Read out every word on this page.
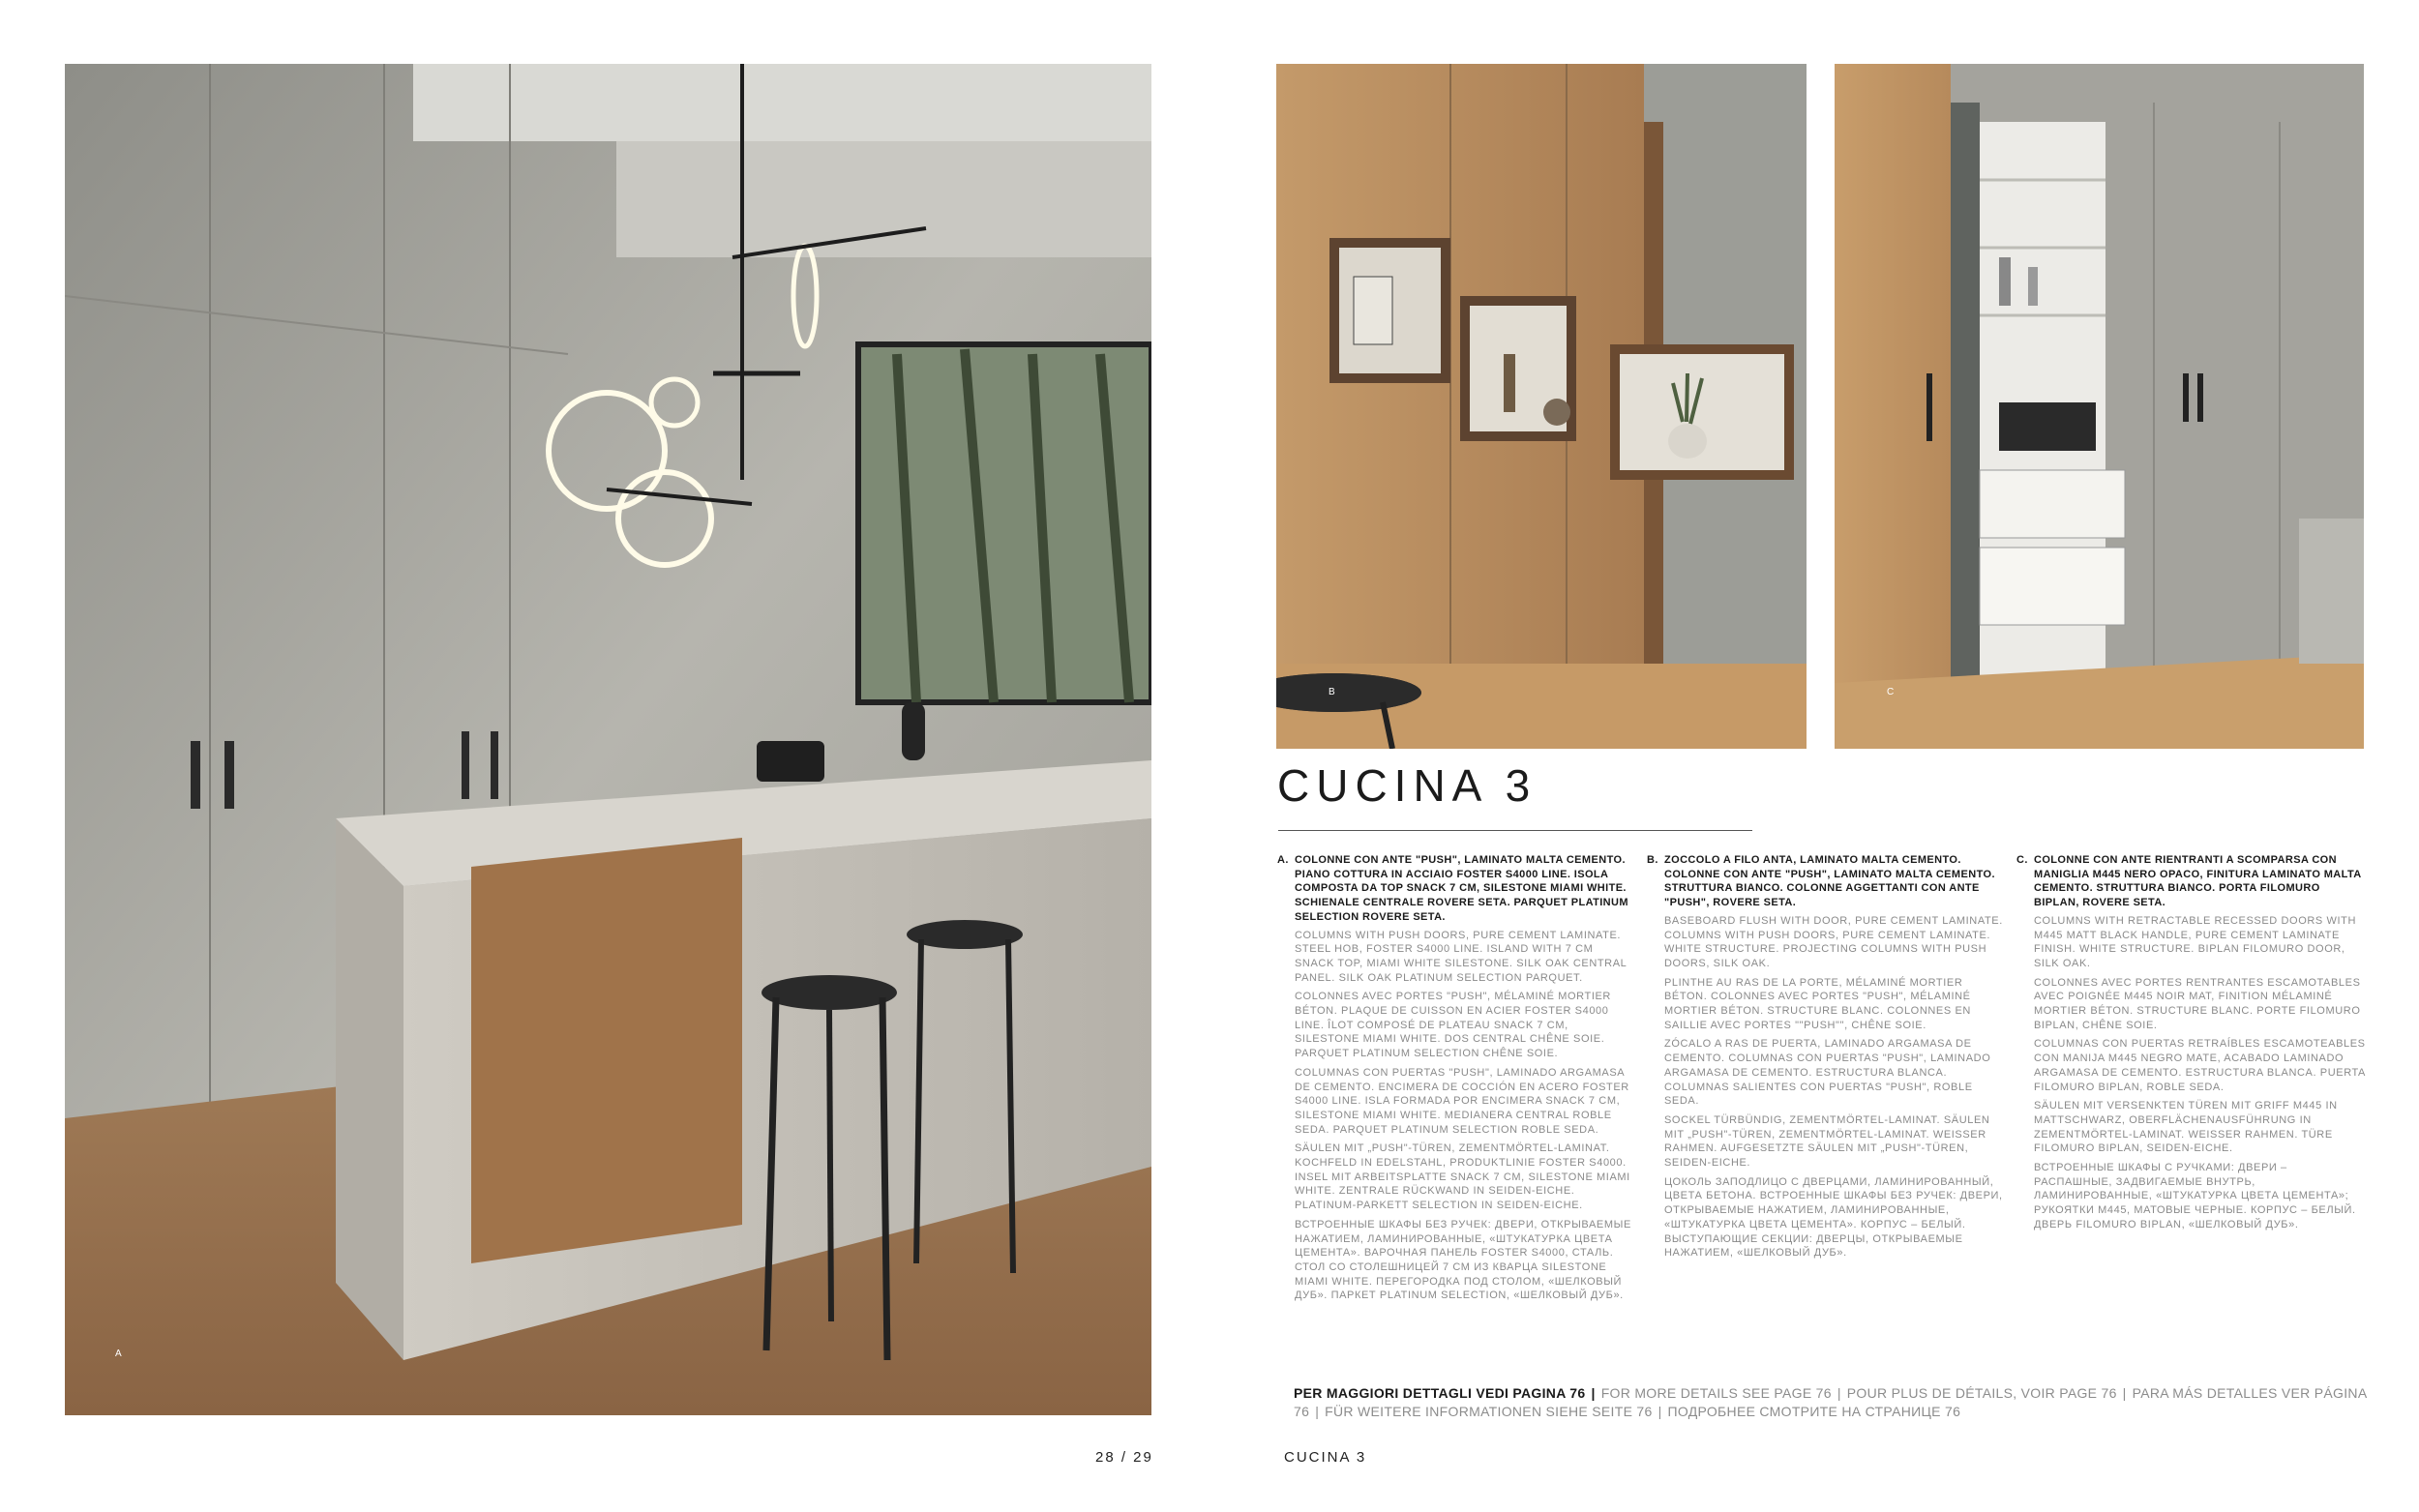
A
B	C
CUCINA 3
A. COLONNE CON ANTE "PUSH", LAMINATO MALTA CEMENTO. PIANO COTTURA IN ACCIAIO FOSTER S4000 LINE. ISOLA COMPOSTA DA TOP SNACK 7 CM, SILESTONE MIAMI WHITE. SCHIENALE CENTRALE ROVERE SETA. PARQUET PLATINUM SELECTION ROVERE SETA.
COLUMNS WITH PUSH DOORS, PURE CEMENT LAMINATE. STEEL HOB, FOSTER S4000 LINE. ISLAND WITH 7 CM SNACK TOP, MIAMI WHITE SILESTONE. SILK OAK CENTRAL PANEL. SILK OAK PLATINUM SELECTION PARQUET.
COLONNES AVEC PORTES "PUSH", MÉLAMINÉ MORTIER BÉTON. PLAQUE DE CUISSON EN ACIER FOSTER S4000 LINE. ÎLOT COMPOSÉ DE PLATEAU SNACK 7 CM, SILESTONE MIAMI WHITE. DOS CENTRAL CHÊNE SOIE. PARQUET PLATINUM SELECTION CHÊNE SOIE.
COLUMNAS CON PUERTAS "PUSH", LAMINADO ARGAMASA DE CEMENTO. ENCIMERA DE COCCIÓN EN ACERO FOSTER S4000 LINE. ISLA FORMADA POR ENCIMERA SNACK 7 CM, SILESTONE MIAMI WHITE. MEDIANERA CENTRAL ROBLE SEDA. PARQUET PLATINUM SELECTION ROBLE SEDA.
SÄULEN MIT „PUSH"-TÜREN, ZEMENTMÖRTEL-LAMINAT. KOCHFELD IN EDELSTAHL, PRODUKTLINIE FOSTER S4000. INSEL MIT ARBEITSPLATTE SNACK 7 CM, SILESTONE MIAMI WHITE. ZENTRALE RÜCKWAND IN SEIDEN-EICHE. PLATINUM-PARKETT SELECTION IN SEIDEN-EICHE.
ВСТРОЕННЫЕ ШКАФЫ БЕЗ РУЧЕК: ДВЕРИ, ОТКРЫВАЕМЫЕ НАЖАТИЕМ, ЛАМИНИРОВАННЫЕ, «ШТУКАТУРКА ЦВЕТА ЦЕМЕНТА». ВАРОЧНАЯ ПАНЕЛЬ FOSTER S4000, СТАЛЬ. СТОЛ СО СТОЛЕШНИЦЕЙ 7 СМ ИЗ КВАРЦА SILESTONE MIAMI WHITE. ПЕРЕГОРОДКА ПОД СТОЛОМ, «ШЕЛКОВЫЙ ДУБ». ПАРКЕТ PLATINUM SELECTION, «ШЕЛКОВЫЙ ДУБ».
B. ZOCCOLO A FILO ANTA, LAMINATO MALTA CEMENTO. COLONNE CON ANTE "PUSH", LAMINATO MALTA CEMENTO. STRUTTURA BIANCO. COLONNE AGGETTANTI CON ANTE "PUSH", ROVERE SETA.
BASEBOARD FLUSH WITH DOOR, PURE CEMENT LAMINATE. COLUMNS WITH PUSH DOORS, PURE CEMENT LAMINATE. WHITE STRUCTURE. PROJECTING COLUMNS WITH PUSH DOORS, SILK OAK.
PLINTHE AU RAS DE LA PORTE, MÉLAMINÉ MORTIER BÉTON. COLONNES AVEC PORTES "PUSH", MÉLAMINÉ MORTIER BÉTON. STRUCTURE BLANC. COLONNES EN SAILLIE AVEC PORTES ""PUSH"", CHÊNE SOIE.
ZÓCALO A RAS DE PUERTA, LAMINADO ARGAMASA DE CEMENTO. COLUMNAS CON PUERTAS "PUSH", LAMINADO ARGAMASA DE CEMENTO. ESTRUCTURA BLANCA. COLUMNAS SALIENTES CON PUERTAS "PUSH", ROBLE SEDA.
SOCKEL TÜRBÜNDIG, ZEMENTMÖRTEL-LAMINAT. SÄULEN MIT „PUSH"-TÜREN, ZEMENTMÖRTEL-LAMINAT. WEISSER RAHMEN. AUFGESETZTE SÄULEN MIT „PUSH"-TÜREN, SEIDEN-EICHE.
ЦОКОЛЬ ЗАПОДЛИЦО С ДВЕРЦАМИ, ЛАМИНИРОВАННЫЙ, ЦВЕТА БЕТОНА. ВСТРОЕННЫЕ ШКАФЫ БЕЗ РУЧЕК: ДВЕРИ, ОТКРЫВАЕМЫЕ НАЖАТИЕМ, ЛАМИНИРОВАННЫЕ, «ШТУКАТУРКА ЦВЕТА ЦЕМЕНТА». КОРПУС – БЕЛЫЙ. ВЫСТУПАЮЩИЕ СЕКЦИИ: ДВЕРЦЫ, ОТКРЫВАЕМЫЕ НАЖАТИЕМ, «ШЕЛКОВЫЙ ДУБ».
C. COLONNE CON ANTE RIENTRANTI A SCOMPARSA CON MANIGLIA M445 NERO OPACO, FINITURA LAMINATO MALTA CEMENTO. STRUTTURA BIANCO. PORTA FILOMURO BIPLAN, ROVERE SETA.
COLUMNS WITH RETRACTABLE RECESSED DOORS WITH M445 MATT BLACK HANDLE, PURE CEMENT LAMINATE FINISH. WHITE STRUCTURE. BIPLAN FILOMURO DOOR, SILK OAK.
COLONNES AVEC PORTES RENTRANTES ESCAMOTABLES AVEC POIGNÉE M445 NOIR MAT, FINITION MÉLAMINÉ MORTIER BÉTON. STRUCTURE BLANC. PORTE FILOMURO BIPLAN, CHÊNE SOIE.
COLUMNAS CON PUERTAS RETRAÍBLES ESCAMOTEABLES CON MANIJA M445 NEGRO MATE, ACABADO LAMINADO ARGAMASA DE CEMENTO. ESTRUCTURA BLANCA. PUERTA FILOMURO BIPLAN, ROBLE SEDA.
SÄULEN MIT VERSENKTEN TÜREN MIT GRIFF M445 IN MATTSCHWARZ, OBERFLÄCHENAUSFÜHRUNG IN ZEMENTMÖRTEL-LAMINAT. WEISSER RAHMEN. TÜRE FILOMURO BIPLAN, SEIDEN-EICHE.
ВСТРОЕННЫЕ ШКАФЫ С РУЧКАМИ: ДВЕРИ – РАСПАШНЫЕ, ЗАДВИГАЕМЫЕ ВНУТРЬ, ЛАМИНИРОВАННЫЕ, «ШТУКАТУРКА ЦВЕТА ЦЕМЕНТА»; РУКОЯТКИ M445, МАТОВЫЕ ЧЕРНЫЕ. КОРПУС – БЕЛЫЙ. ДВЕРЬ FILOMURO BIPLAN, «ШЕЛКОВЫЙ ДУБ».
PER MAGGIORI DETTAGLI VEDI PAGINA 76 | FOR MORE DETAILS SEE PAGE 76 | POUR PLUS DE DÉTAILS, VOIR PAGE 76 | PARA MÁS DETALLES VER PÁGINA 76 | FÜR WEITERE INFORMATIONEN SIEHE SEITE 76 | ПОДРОБНЕЕ СМОТРИТЕ НА СТРАНИЦЕ 76
28 / 29	CUCINA 3
